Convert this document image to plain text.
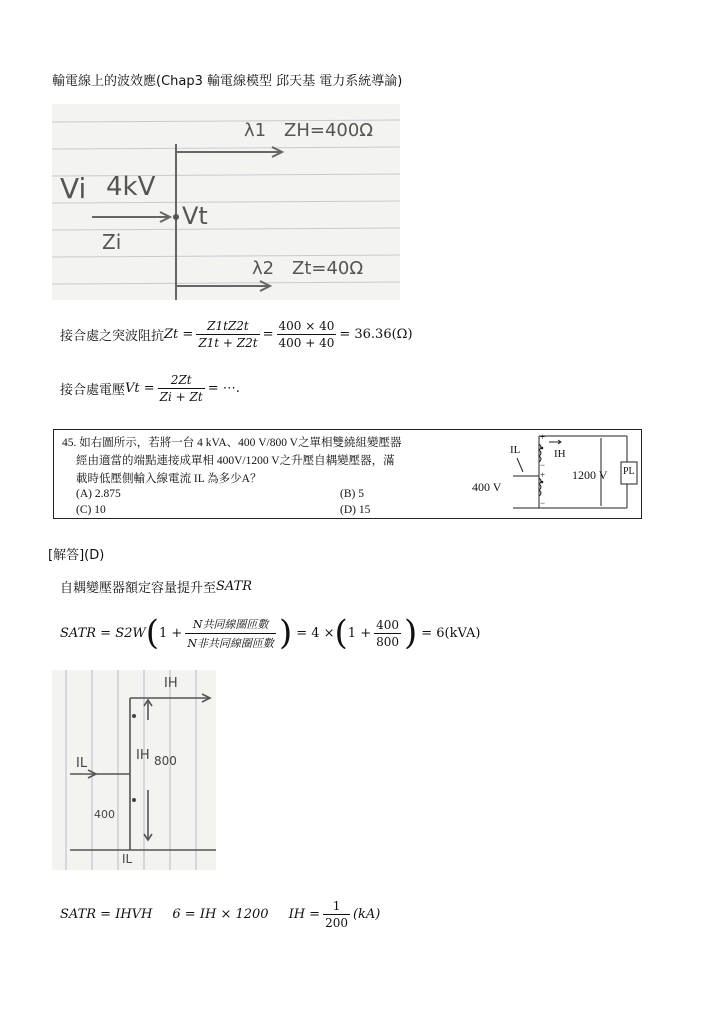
輸電線上的波效應(Chap3 輸電線模型 邱天基 電力系統導論)
Vi 4kV
Zi
Vt
λ1 ZH=400Ω
λ2 Zt=40Ω
接合處之突波阻抗 $Zt = \frac{Z1tZ2t}{Z1t + Z2t} = \frac{400 \times 40}{400 + 40} = 36.36(\Omega)$
接合處電壓 $Vt = \frac{2Zt}{Zi + Zt}$ = ⋯.
45. 如右圖所示，若將一台 4 kVA、400 V/800 V之單相雙繞組變壓器
經由適當的端點連接成單相 400V/1200 V之升壓自耦變壓器，滿
載時低壓側輸入線電流 IL 為多少A？
(A) 2.875	(B) 5
(C) 10	(D) 15
IL	IH
+
−
+
−
400 V
1200 V PL
[解答](D)
自耦變壓器額定容量提升至 SATR
SATR = S2W ( $1 + \frac{\text{N共同線圈匝數}}{\text{N非共同線圈匝數}}$ ) = 4 × ( $1 + \frac{400}{800}$ ) = 6(kVA)
IH
IL
IH 800
400
IL
SATR = IHVH 6 = IH × 1200 IH = $\frac{1}{200} (kA)$
